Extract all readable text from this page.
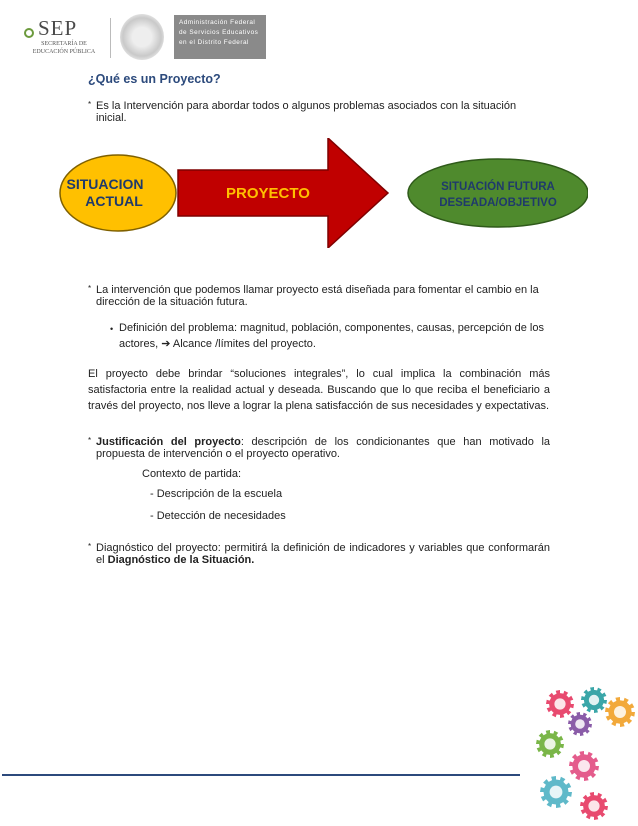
SEP
SECRETARÍA DE
EDUCACIÓN PÚBLICA
Administración Federal
de Servicios Educativos
en el Distrito Federal
¿Qué es un Proyecto?
* Es la Intervención para abordar todos o algunos problemas asociados con la situación inicial.
SITUACION
ACTUAL	PROYECTO	SITUACIÓN FUTURA
DESEADA/OBJETIVO
* La intervención que podemos llamar proyecto está diseñada para fomentar el cambio en la dirección de la situación futura.
• Definición del problema: magnitud, población, componentes, causas, percepción de los actores, ➔ Alcance /límites del proyecto.
El proyecto debe brindar “soluciones integrales”, lo cual implica la combinación más satisfactoria entre la realidad actual y deseada. Buscando que lo que reciba el beneficiario a través del proyecto, nos lleve a lograr la plena satisfacción de sus necesidades y expectativas.
* Justificación del proyecto: descripción de los condicionantes que han motivado la propuesta de intervención o el proyecto operativo.
Contexto de partida:
- Descripción de la escuela
- Detección de necesidades
* Diagnóstico del proyecto: permitirá la definición de indicadores y variables que conformarán el Diagnóstico de la Situación.
